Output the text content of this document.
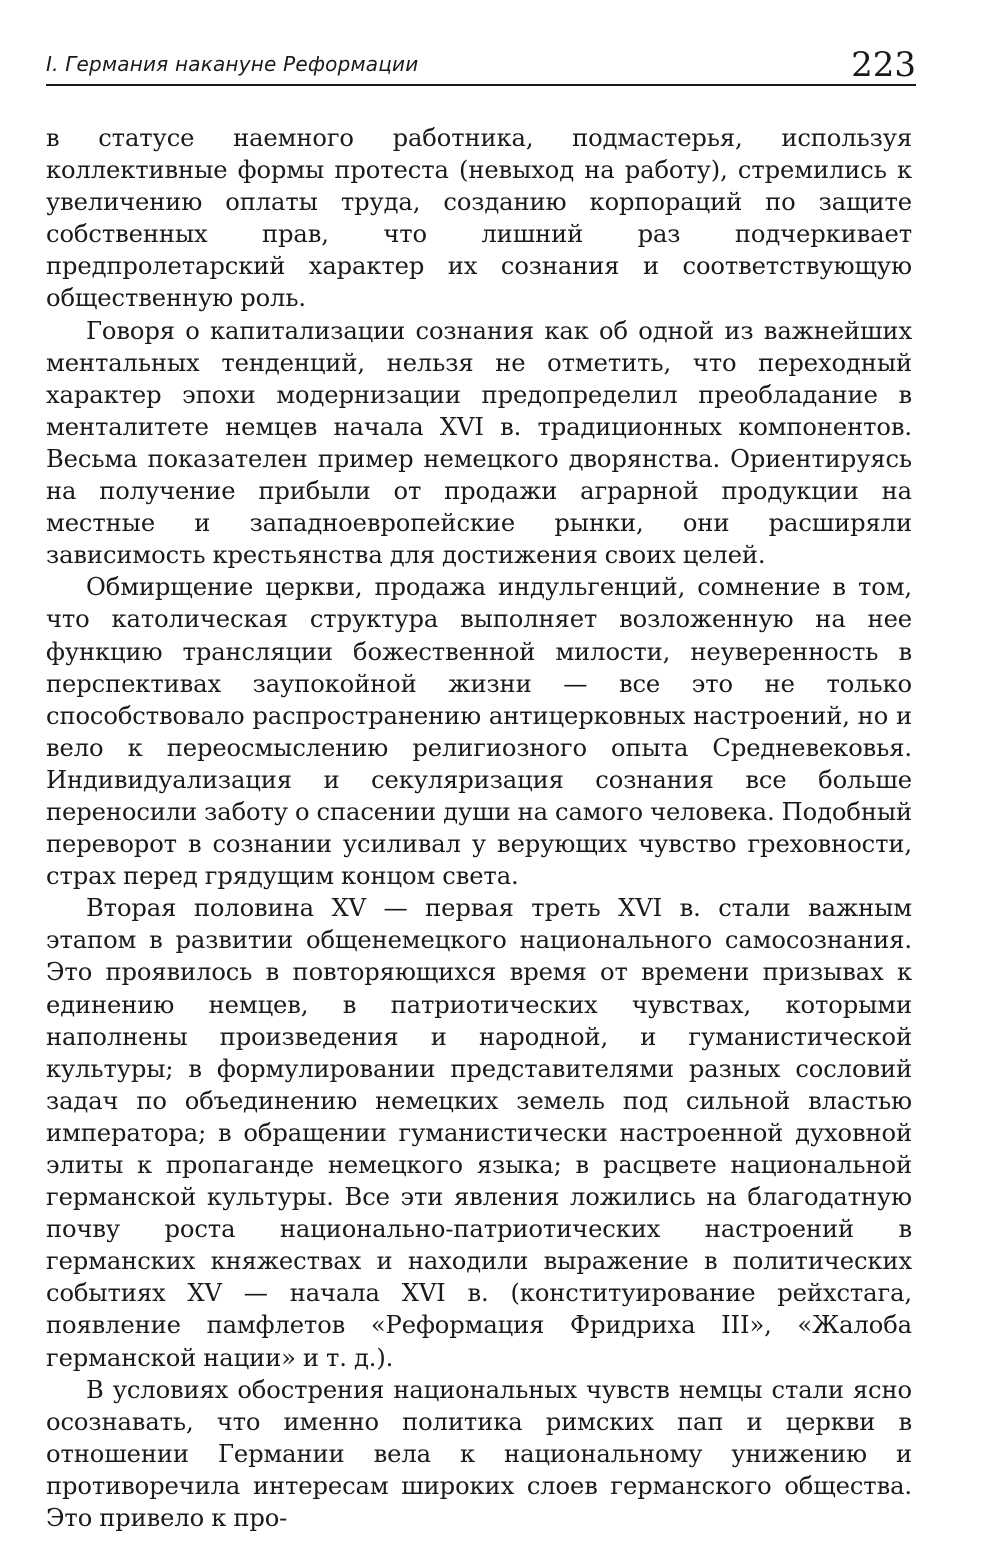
I. Германия накануне Реформации	223

в статусе наемного работника, подмастерья, используя коллективные формы протеста (невыход на работу), стремились к увеличению оплаты труда, созданию корпораций по защите собственных прав, что лишний раз подчеркивает предпролетарский характер их сознания и соответствующую общественную роль.

Говоря о капитализации сознания как об одной из важнейших ментальных тенденций, нельзя не отметить, что переходный характер эпохи модернизации предопределил преобладание в менталитете немцев начала XVI в. традиционных компонентов. Весьма показателен пример немецкого дворянства. Ориентируясь на получение прибыли от продажи аграрной продукции на местные и западноевропейские рынки, они расширяли зависимость крестьянства для достижения своих целей.

Обмирщение церкви, продажа индульгенций, сомнение в том, что католическая структура выполняет возложенную на нее функцию трансляции божественной милости, неуверенность в перспективах заупокойной жизни — все это не только способствовало распространению антицерковных настроений, но и вело к переосмыслению религиозного опыта Средневековья. Индивидуализация и секуляризация сознания все больше переносили заботу о спасении души на самого человека. Подобный переворот в сознании усиливал у верующих чувство греховности, страх перед грядущим концом света.

Вторая половина XV — первая треть XVI в. стали важным этапом в развитии общенемецкого национального самосознания. Это проявилось в повторяющихся время от времени призывах к единению немцев, в патриотических чувствах, которыми наполнены произведения и народной, и гуманистической культуры; в формулировании представителями разных сословий задач по объединению немецких земель под сильной властью императора; в обращении гуманистически настроенной духовной элиты к пропаганде немецкого языка; в расцвете национальной германской культуры. Все эти явления ложились на благодатную почву роста национально-патриотических настроений в германских княжествах и находили выражение в политических событиях XV — начала XVI в. (конституирование рейхстага, появление памфлетов «Реформация Фридриха III», «Жалоба германской нации» и т. д.).

В условиях обострения национальных чувств немцы стали ясно осознавать, что именно политика римских пап и церкви в отношении Германии вела к национальному унижению и противоречила интересам широких слоев германского общества. Это привело к про-
